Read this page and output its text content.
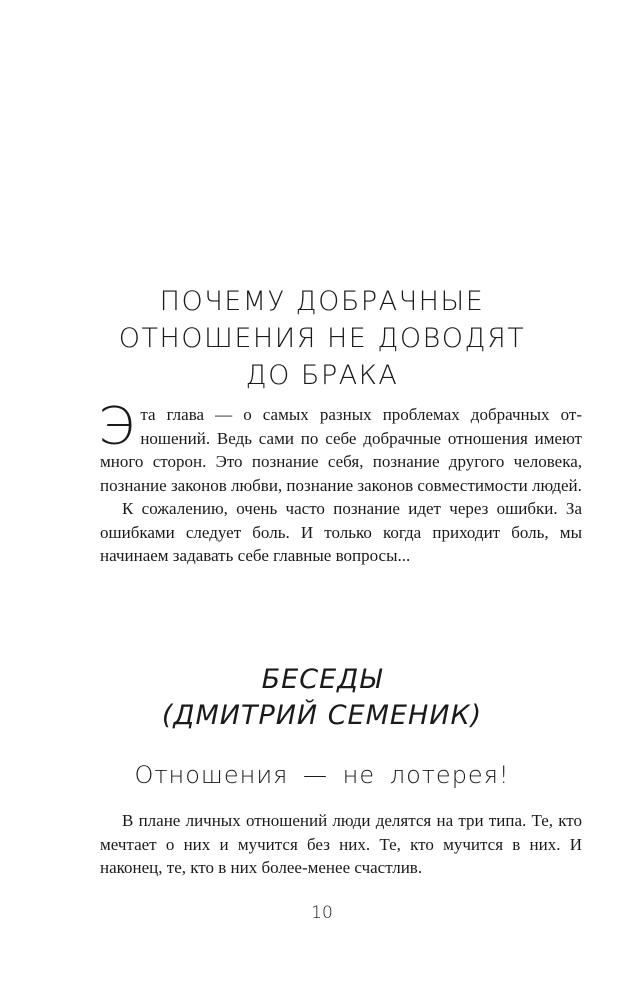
ПОЧЕМУ ДОБРАЧНЫЕ
ОТНОШЕНИЯ НЕ ДОВОДЯТ
ДО БРАКА

Э та глава — о самых разных проблемах добрачных отношений. Ведь сами по себе добрачные отношения имеют много сторон. Это познание себя, познание другого человека, познание законов любви, познание законов совместимости людей.

К сожалению, очень часто познание идет через ошибки. За ошибками следует боль. И только когда приходит боль, мы начинаем задавать себе главные вопросы...

БЕСЕДЫ
(ДМИТРИЙ СЕМЕНИК)
Отношения — не лотерея!

В плане личных отношений люди делятся на три типа. Те, кто мечтает о них и мучится без них. Те, кто мучится в них. И наконец, те, кто в них более-менее счастлив.

10
